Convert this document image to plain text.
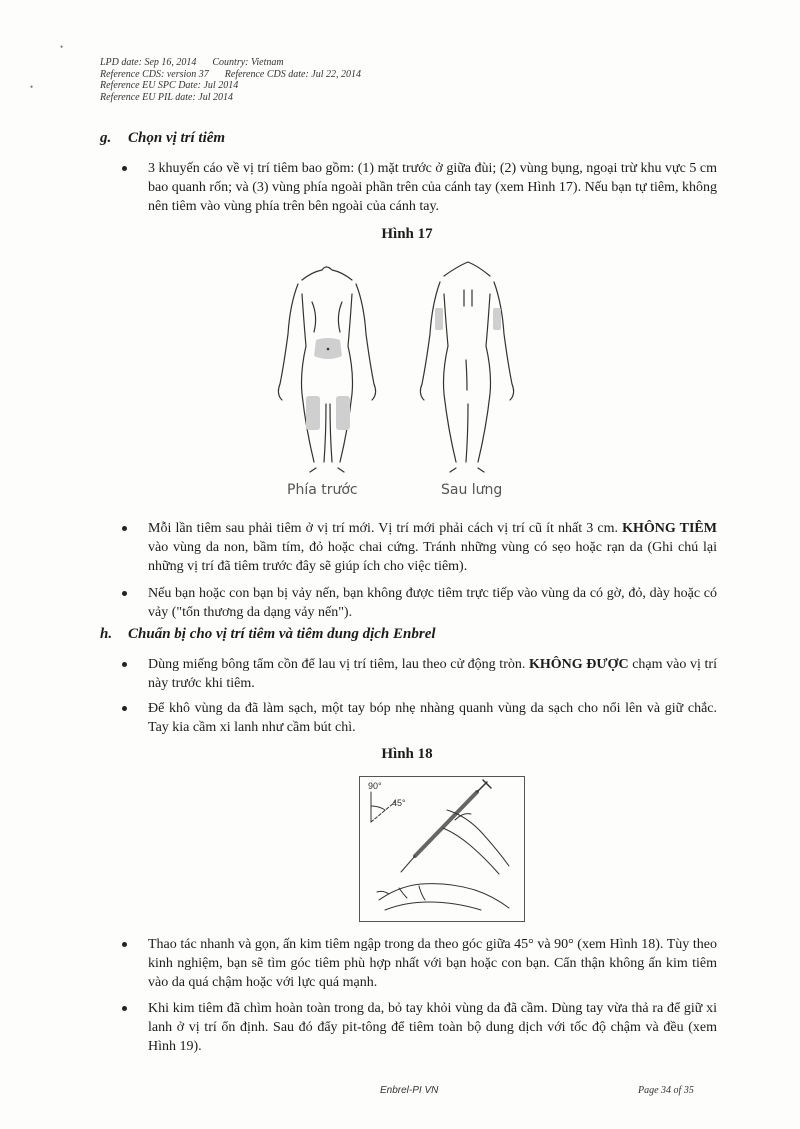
•
•
LPD date: Sep 16, 2014 Country: Vietnam
Reference CDS: version 37 Reference CDS date: Jul 22, 2014
Reference EU SPC Date: Jul 2014
Reference EU PIL date: Jul 2014
g. Chọn vị trí tiêm

3 khuyến cáo về vị trí tiêm bao gồm: (1) mặt trước ở giữa đùi; (2) vùng bụng, ngoại trừ khu vực 5 cm bao quanh rốn; và (3) vùng phía ngoài phần trên của cánh tay (xem Hình 17). Nếu bạn tự tiêm, không nên tiêm vào vùng phía trên bên ngoài của cánh tay.

Hình 17
Phía trước	Sau lưng

Mỗi lần tiêm sau phải tiêm ở vị trí mới. Vị trí mới phải cách vị trí cũ ít nhất 3 cm. KHÔNG TIÊM vào vùng da non, bầm tím, đỏ hoặc chai cứng. Tránh những vùng có sẹo hoặc rạn da (Ghi chú lại những vị trí đã tiêm trước đây sẽ giúp ích cho việc tiêm).

Nếu bạn hoặc con bạn bị vảy nến, bạn không được tiêm trực tiếp vào vùng da có gờ, đỏ, dày hoặc có vảy ("tổn thương da dạng vảy nến").

h. Chuẩn bị cho vị trí tiêm và tiêm dung dịch Enbrel

Dùng miếng bông tẩm cồn để lau vị trí tiêm, lau theo cử động tròn. KHÔNG ĐƯỢC chạm vào vị trí này trước khi tiêm.

Để khô vùng da đã làm sạch, một tay bóp nhẹ nhàng quanh vùng da sạch cho nổi lên và giữ chắc. Tay kia cầm xi lanh như cầm bút chì.

Hình 18
90°
45°

Thao tác nhanh và gọn, ấn kim tiêm ngập trong da theo góc giữa 45° và 90° (xem Hình 18). Tùy theo kinh nghiệm, bạn sẽ tìm góc tiêm phù hợp nhất với bạn hoặc con bạn. Cẩn thận không ấn kim tiêm vào da quá chậm hoặc với lực quá mạnh.

Khi kim tiêm đã chìm hoàn toàn trong da, bỏ tay khỏi vùng da đã cầm. Dùng tay vừa thả ra để giữ xi lanh ở vị trí ổn định. Sau đó đẩy pit-tông để tiêm toàn bộ dung dịch với tốc độ chậm và đều (xem Hình 19).

Enbrel-PI VN	Page 34 of 35
